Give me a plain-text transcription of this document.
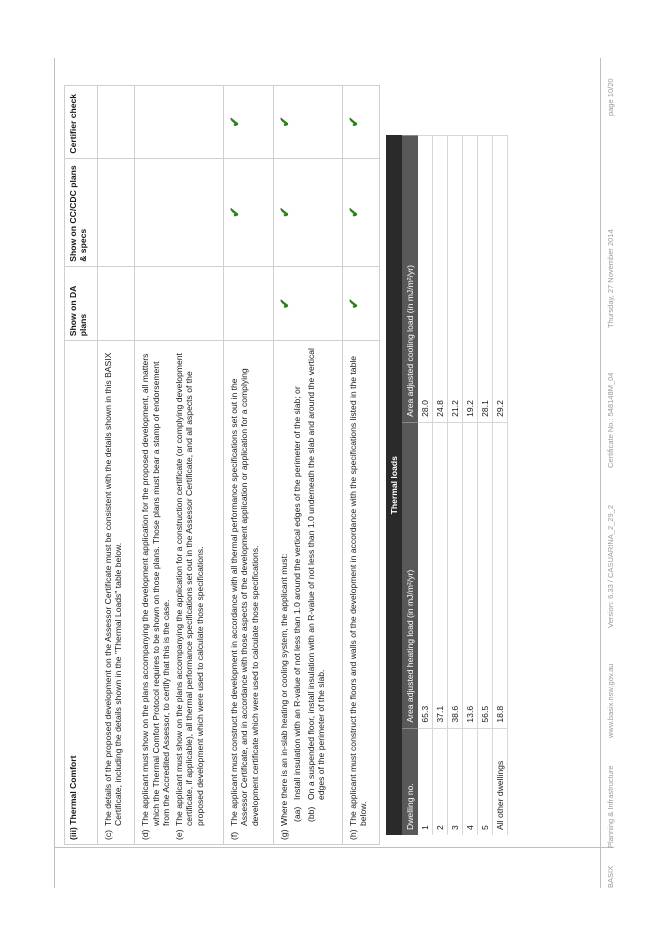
(iii) Thermal Comfort	Show on DA plans	Show on CC/CDC plans & specs	Certifier check

(c)The details of the proposed development on the Assessor Certificate must be consistent with the details shown in this BASIX Certificate, including the details shown in the "Thermal Loads" table below.			

(d)The applicant must show on the plans accompanying the development application for the proposed development, all matters which the Thermal Comfort Protocol requires to be shown on those plans. Those plans must bear a stamp of endorsement from the Accredited Assessor, to certify that this is the case.
(e)The applicant must show on the plans accompanying the application for a construction certificate (or complying development certificate, if applicable), all thermal performance specifications set out in the Assessor Certificate, and all aspects of the proposed development which were used to calculate those specifications.			

(f)The applicant must construct the development in accordance with all thermal performance specifications set out in the Assessor Certificate, and in accordance with those aspects of the development application or application for a complying development certificate which were used to calculate those specifications.		✔	✔

(g)Where there is an in-slab heating or cooling system, the applicant must: (aa)Install insulation with an R-value of not less than 1.0 around the vertical edges of the perimeter of the slab; or
(bb)On a suspended floor, install insulation with an R-value of not less than 1.0 underneath the slab and around the vertical edges of the perimeter of the slab.	✔	✔	✔

(h)The applicant must construct the floors and walls of the development in accordance with the specifications listed in the table below.	✔	✔	✔
Thermal loads		
Dwelling no.	Area adjusted heating load (in mJ/m²/yr)	Area adjusted cooling load (in mJ/m²/yr)
1	65.3	28.0
2	37.1	24.8
3	38.6	21.2
4	13.6	19.2
5	56.5	28.1
All other dwellings	18.8	29.2
BASIX
Planning & Infrastructure
www.basix.nsw.gov.au
Version: 6.33 / CASUARINA_2_29_2
Certificate No.: 548148M_04
Thursday, 27 November 2014
page 10/20
